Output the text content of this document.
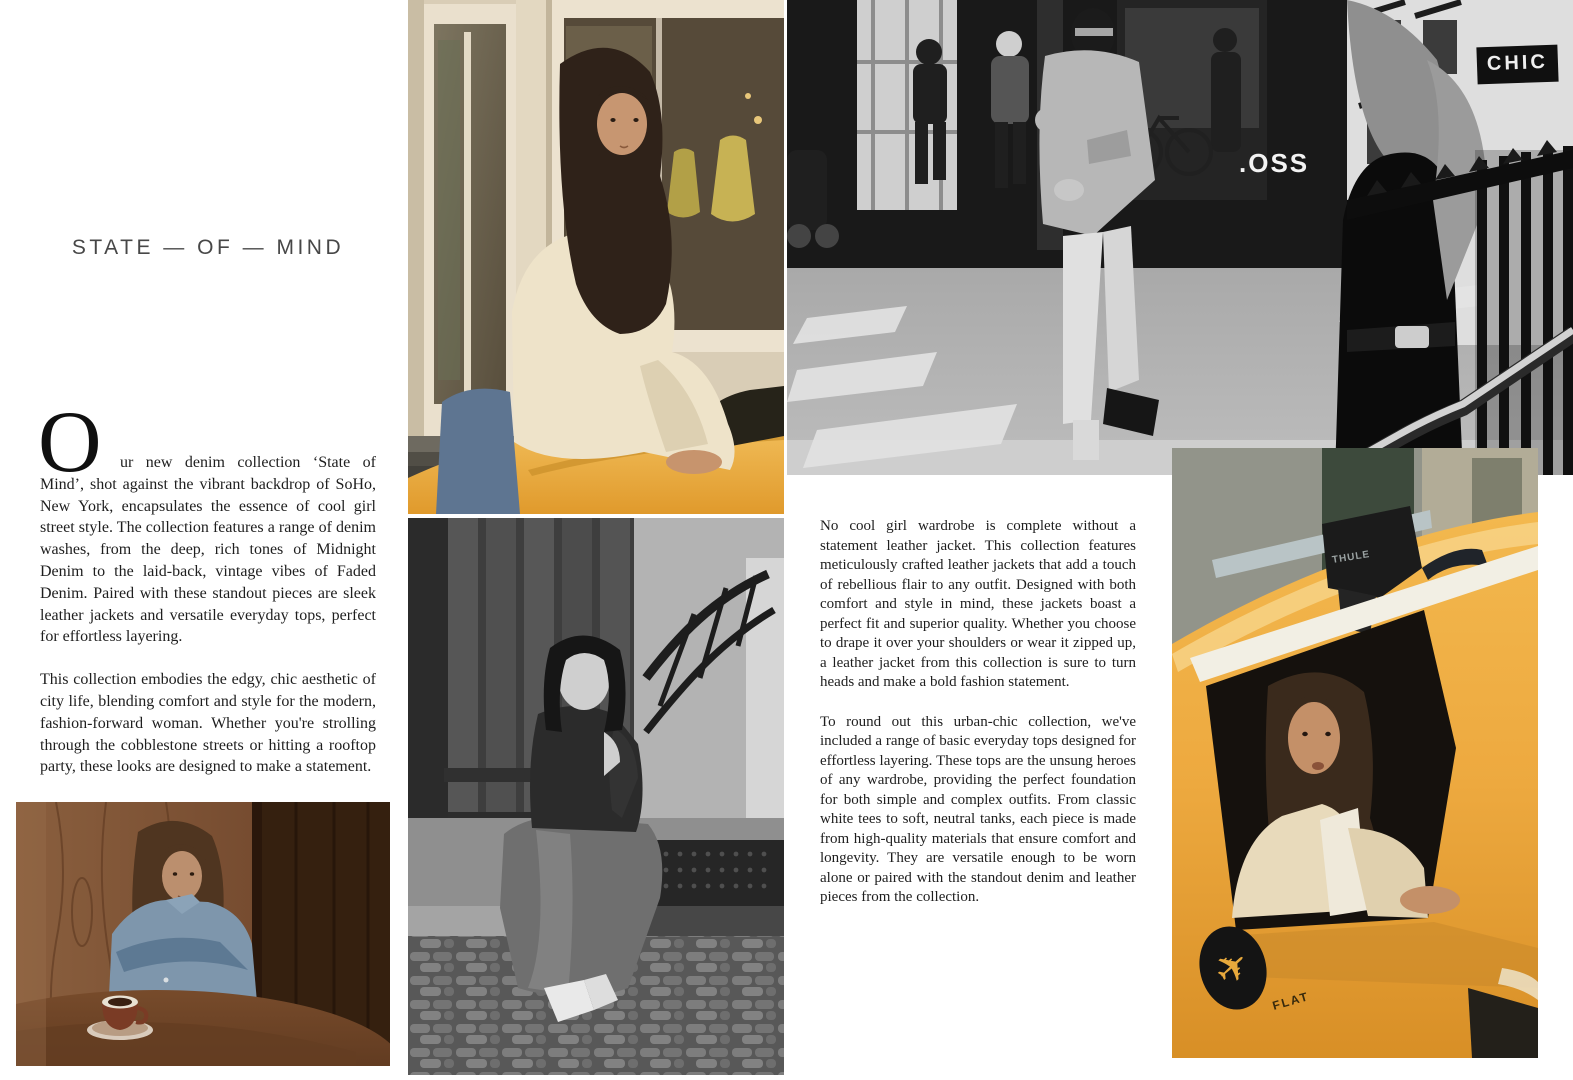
STATE — OF — MIND
O	ur new denim collection ‘State of Mind’, shot against the vibrant backdrop of SoHo, New York, encapsulates the essence of cool girl street style. The collection features a range of denim washes, from the deep, rich tones of Midnight Denim to the laid-back, vintage vibes of Faded Denim. Paired with these standout pieces are sleek leather jackets and versatile everyday tops, perfect for effortless layering.

This collection embodies the edgy, chic aesthetic of city life, blending comfort and style for the modern, fashion-forward woman. Whether you're strolling through the cobblestone streets or hitting a rooftop party, these looks are designed to make a statement.

No cool girl wardrobe is complete without a statement leather jacket. This collection features meticulously crafted leather jackets that add a touch of rebellious flair to any outfit. Designed with both comfort and style in mind, these jackets boast a perfect fit and superior quality. Whether you choose to drape it over your shoulders or wear it zipped up, a leather jacket from this collection is sure to turn heads and make a bold fashion statement.

To round out this urban-chic collection, we've included a range of basic everyday tops designed for effortless layering. These tops are the unsung heroes of any wardrobe, providing the perfect foundation for both simple and complex outfits. From classic white tees to soft, neutral tanks, each piece is made from high-quality materials that ensure comfort and longevity. They are versatile enough to be worn alone or paired with the standout denim and leather pieces from the collection.

.OSS
CHIC
THULE
✈
FLAT
